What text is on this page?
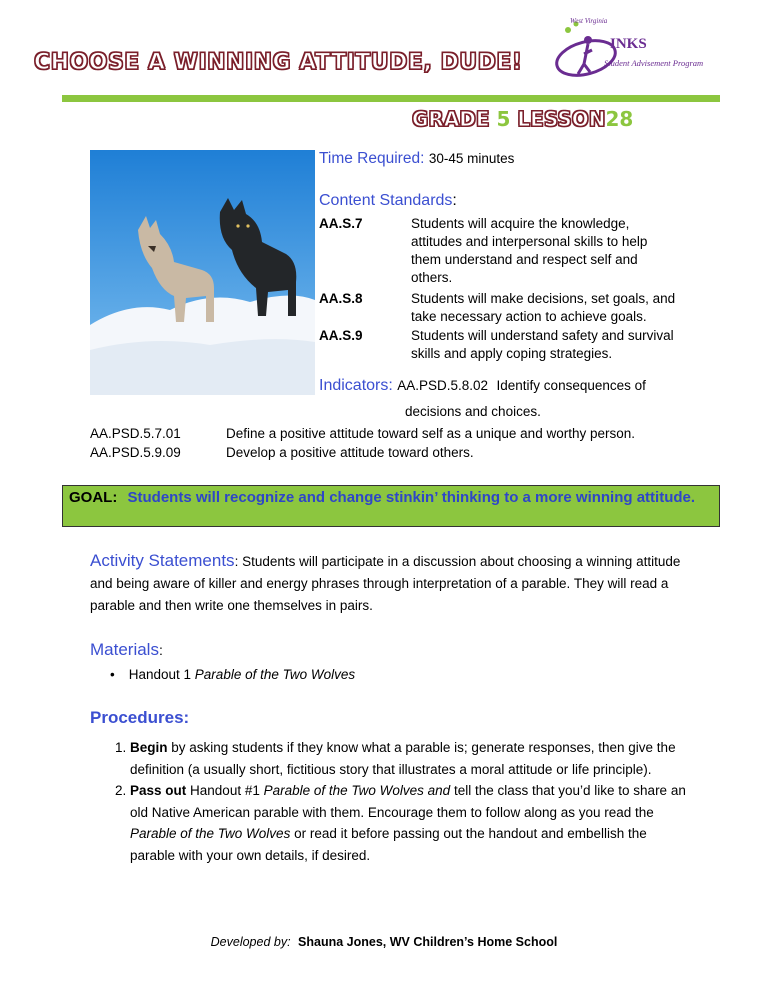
CHOOSE A WINNING ATTITUDE, DUDE!
West Virginia
INKS
Student Advisement Program
GRADE 5 LESSON28
Time Required: 30-45 minutes
Content Standards:
AA.S.7	Students will acquire the knowledge, attitudes and interpersonal skills to help them understand and respect self and others.
AA.S.8	Students will make decisions, set goals, and take necessary action to achieve goals.
AA.S.9	Students will understand safety and survival skills and apply coping strategies.
Indicators: AA.PSD.5.8.02 Identify consequences of
decisions and choices.
AA.PSD.5.7.01	Define a positive attitude toward self as a unique and worthy person.
AA.PSD.5.9.09	Develop a positive attitude toward others.
GOAL: Students will recognize and change stinkin’ thinking to a more winning attitude.
Activity Statements: Students will participate in a discussion about choosing a winning attitude and being aware of killer and energy phrases through interpretation of a parable. They will read a parable and then write one themselves in pairs.
Materials:
• Handout 1 Parable of the Two Wolves
Procedures:
1. Begin by asking students if they know what a parable is; generate responses, then give the definition (a usually short, fictitious story that illustrates a moral attitude or life principle).
2. Pass out Handout #1 Parable of the Two Wolves and tell the class that you’d like to share an old Native American parable with them. Encourage them to follow along as you read the Parable of the Two Wolves or read it before passing out the handout and embellish the parable with your own details, if desired.
Developed by: Shauna Jones, WV Children’s Home School
